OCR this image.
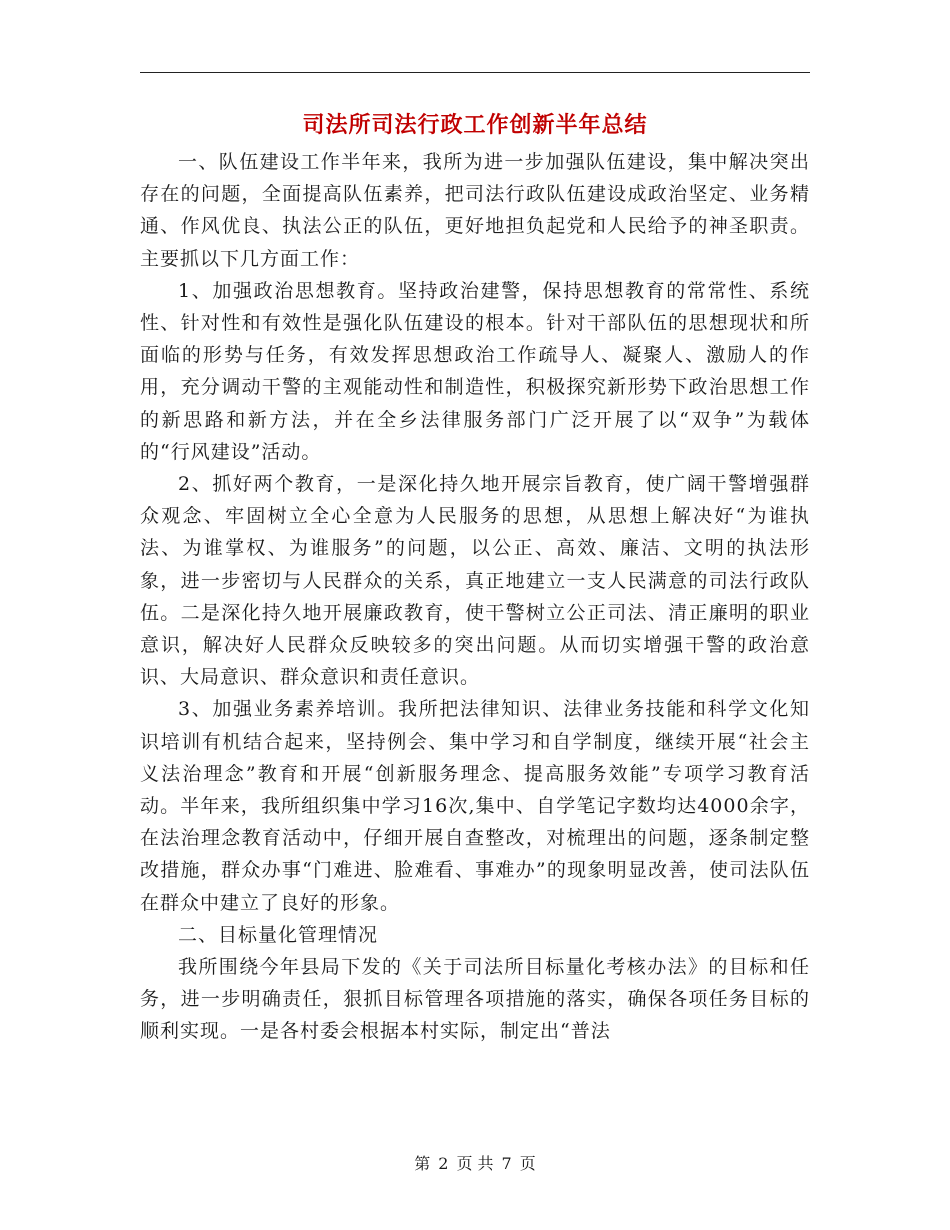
司法所司法行政工作创新半年总结

一、队伍建设工作半年来，我所为进一步加强队伍建设，集中解决突出存在的问题，全面提高队伍素养，把司法行政队伍建设成政治坚定、业务精通、作风优良、执法公正的队伍，更好地担负起党和人民给予的神圣职责。主要抓以下几方面工作：

1、加强政治思想教育。坚持政治建警，保持思想教育的常常性、系统性、针对性和有效性是强化队伍建设的根本。针对干部队伍的思想现状和所面临的形势与任务，有效发挥思想政治工作疏导人、凝聚人、激励人的作用，充分调动干警的主观能动性和制造性，积极探究新形势下政治思想工作的新思路和新方法，并在全乡法律服务部门广泛开展了以“双争”为载体的“行风建设”活动。

2、抓好两个教育，一是深化持久地开展宗旨教育，使广阔干警增强群众观念、牢固树立全心全意为人民服务的思想，从思想上解决好“为谁执法、为谁掌权、为谁服务”的问题，以公正、高效、廉洁、文明的执法形象，进一步密切与人民群众的关系，真正地建立一支人民满意的司法行政队伍。二是深化持久地开展廉政教育，使干警树立公正司法、清正廉明的职业意识，解决好人民群众反映较多的突出问题。从而切实增强干警的政治意识、大局意识、群众意识和责任意识。

3、加强业务素养培训。我所把法律知识、法律业务技能和科学文化知识培训有机结合起来，坚持例会、集中学习和自学制度，继续开展“社会主义法治理念”教育和开展“创新服务理念、提高服务效能”专项学习教育活动。半年来，我所组织集中学习16次,集中、自学笔记字数均达4000余字，在法治理念教育活动中，仔细开展自查整改，对梳理出的问题，逐条制定整改措施，群众办事“门难进、脸难看、事难办”的现象明显改善，使司法队伍在群众中建立了良好的形象。

二、目标量化管理情况

我所围绕今年县局下发的《关于司法所目标量化考核办法》的目标和任务，进一步明确责任，狠抓目标管理各项措施的落实，确保各项任务目标的顺利实现。一是各村委会根据本村实际，制定出“普法

第 2 页 共 7 页
